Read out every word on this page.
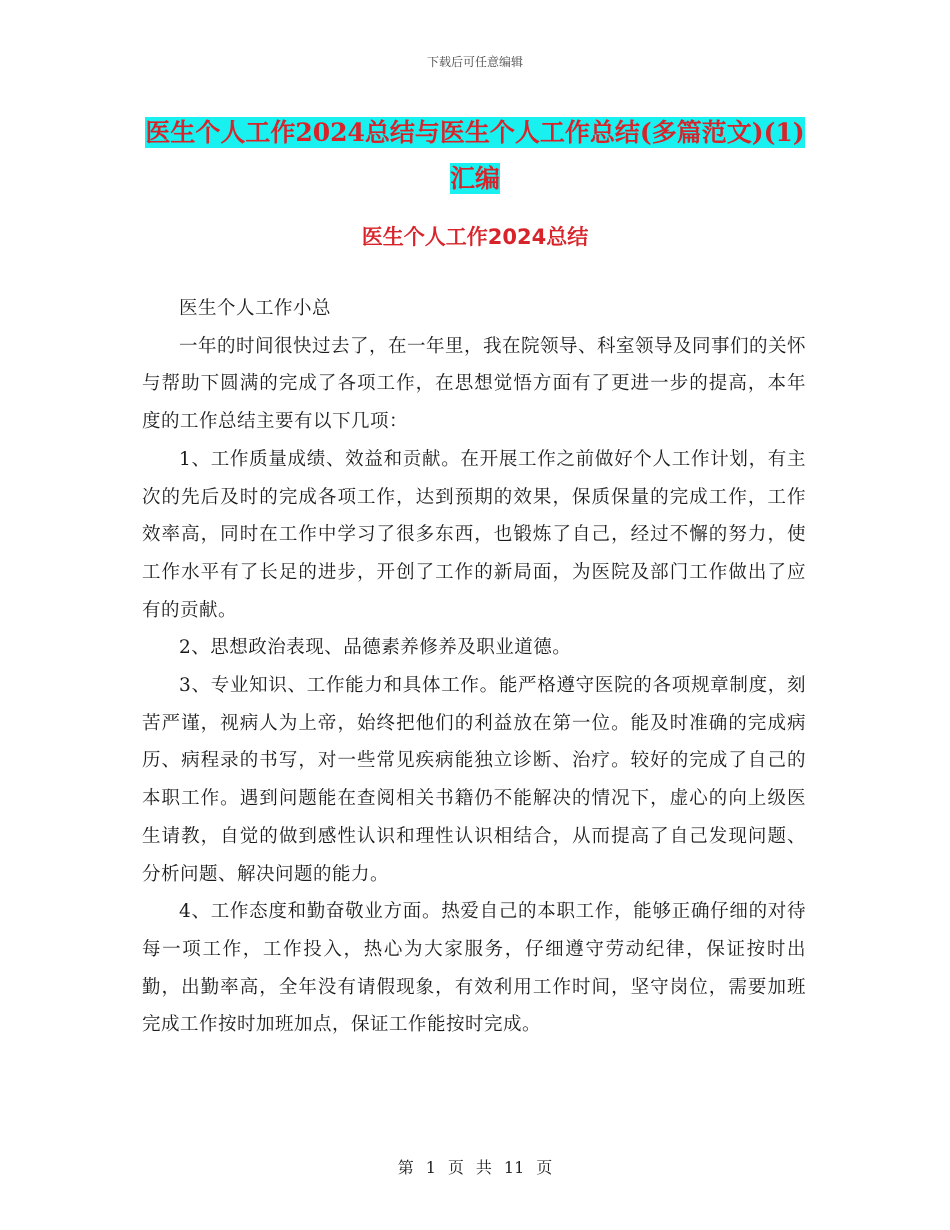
下载后可任意编辑
医生个人工作2024总结与医生个人工作总结(多篇范文)(1)汇编
医生个人工作2024总结

医生个人工作小总

一年的时间很快过去了，在一年里，我在院领导、科室领导及同事们的关怀与帮助下圆满的完成了各项工作，在思想觉悟方面有了更进一步的提高，本年度的工作总结主要有以下几项：

1、工作质量成绩、效益和贡献。在开展工作之前做好个人工作计划，有主次的先后及时的完成各项工作，达到预期的效果，保质保量的完成工作，工作效率高，同时在工作中学习了很多东西，也锻炼了自己，经过不懈的努力，使工作水平有了长足的进步，开创了工作的新局面，为医院及部门工作做出了应有的贡献。

2、思想政治表现、品德素养修养及职业道德。

3、专业知识、工作能力和具体工作。能严格遵守医院的各项规章制度，刻苦严谨，视病人为上帝，始终把他们的利益放在第一位。能及时准确的完成病历、病程录的书写，对一些常见疾病能独立诊断、治疗。较好的完成了自己的本职工作。遇到问题能在查阅相关书籍仍不能解决的情况下，虚心的向上级医生请教，自觉的做到感性认识和理性认识相结合，从而提高了自己发现问题、分析问题、解决问题的能力。

4、工作态度和勤奋敬业方面。热爱自己的本职工作，能够正确仔细的对待每一项工作，工作投入，热心为大家服务，仔细遵守劳动纪律，保证按时出勤，出勤率高，全年没有请假现象，有效利用工作时间，坚守岗位，需要加班完成工作按时加班加点，保证工作能按时完成。

第 1 页 共 11 页
